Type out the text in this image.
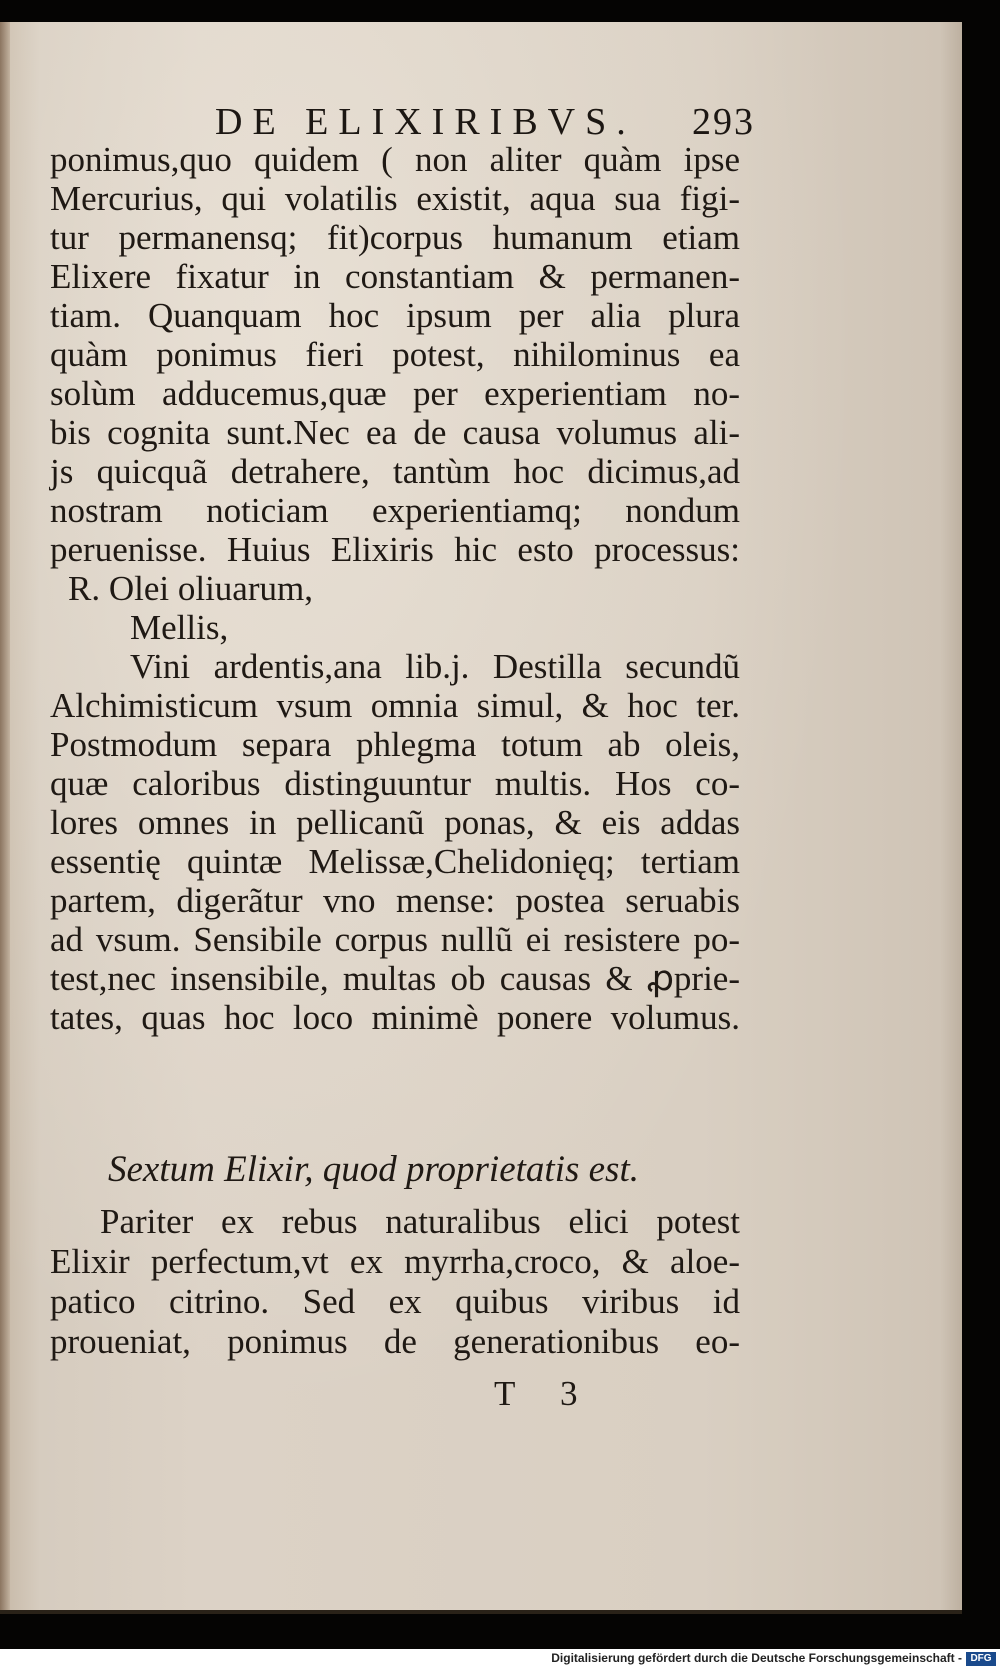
DE ELIXIRIBVS. 293
ponimus,quo quidem ( non aliter quàm ipse
Mercurius, qui volatilis existit, aqua sua figi-
tur permanensq; fit)corpus humanum etiam
Elixere fixatur in constantiam & permanen-
tiam. Quanquam hoc ipsum per alia plura
quàm ponimus fieri potest, nihilominus ea
solùm adducemus,quæ per experientiam no-
bis cognita sunt.Nec ea de causa volumus ali-
js quicquã detrahere, tantùm hoc dicimus,ad
nostram noticiam experientiamq; nondum
peruenisse. Huius Elixiris hic esto processus:
R. Olei oliuarum,
Mellis,
Vini ardentis,ana lib.j. Destilla secundũ
Alchimisticum vsum omnia simul, & hoc ter.
Postmodum separa phlegma totum ab oleis,
quæ caloribus distinguuntur multis. Hos co-
lores omnes in pellicanũ ponas, & eis addas
essentię quintæ Melissæ,Chelidonięq; tertiam
partem, digerãtur vno mense: postea seruabis
ad vsum. Sensibile corpus nullũ ei resistere po-
test,nec insensibile, multas ob causas & ꝓprie-
tates, quas hoc loco minimè ponere volumus.
Sextum Elixir, quod proprietatis est.
Pariter ex rebus naturalibus elici potest
Elixir perfectum,vt ex myrrha,croco, & aloe-
patico citrino. Sed ex quibus viribus id
proueniat, ponimus de generationibus eo-
T 3
Digitalisierung gefördert durch die Deutsche Forschungsgemeinschaft - DFG
